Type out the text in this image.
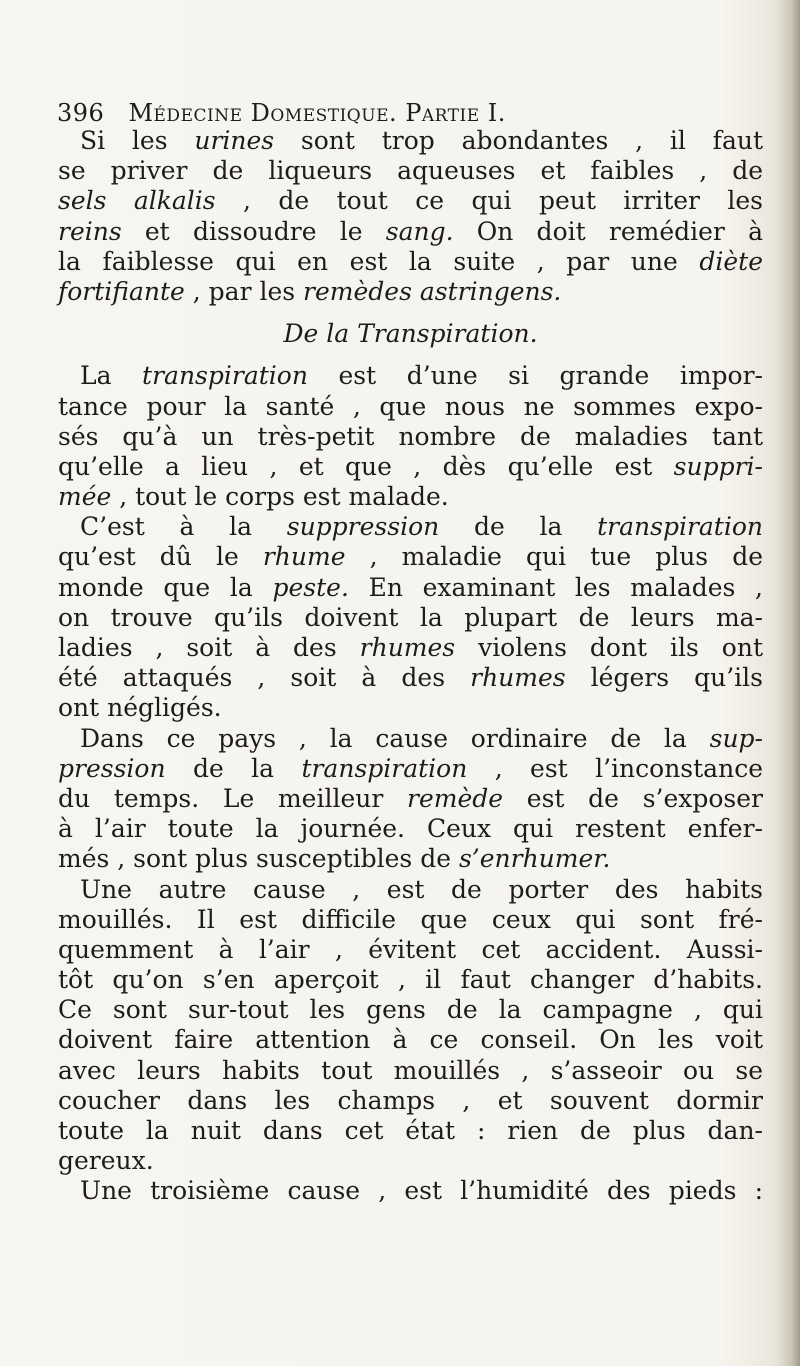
396 Médecine Domestique. Partie I.
Si les urines sont trop abondantes , il faut
se priver de liqueurs aqueuses et faibles , de
sels alkalis , de tout ce qui peut irriter les
reins et dissoudre le sang. On doit remédier à
la faiblesse qui en est la suite , par une diète
fortifiante , par les remèdes astringens.
De la Transpiration.
La transpiration est d’une si grande impor-
tance pour la santé , que nous ne sommes expo-
sés qu’à un très-petit nombre de maladies tant
qu’elle a lieu , et que , dès qu’elle est suppri-
mée , tout le corps est malade.
C’est à la suppression de la transpiration
qu’est dû le rhume , maladie qui tue plus de
monde que la peste. En examinant les malades ,
on trouve qu’ils doivent la plupart de leurs ma-
ladies , soit à des rhumes violens dont ils ont
été attaqués , soit à des rhumes légers qu’ils
ont négligés.
Dans ce pays , la cause ordinaire de la sup-
pression de la transpiration , est l’inconstance
du temps. Le meilleur remède est de s’exposer
à l’air toute la journée. Ceux qui restent enfer-
més , sont plus susceptibles de s’enrhumer.
Une autre cause , est de porter des habits
mouillés. Il est difficile que ceux qui sont fré-
quemment à l’air , évitent cet accident. Aussi-
tôt qu’on s’en aperçoit , il faut changer d’habits.
Ce sont sur-tout les gens de la campagne , qui
doivent faire attention à ce conseil. On les voit
avec leurs habits tout mouillés , s’asseoir ou se
coucher dans les champs , et souvent dormir
toute la nuit dans cet état : rien de plus dan-
gereux.
Une troisième cause , est l’humidité des pieds :
